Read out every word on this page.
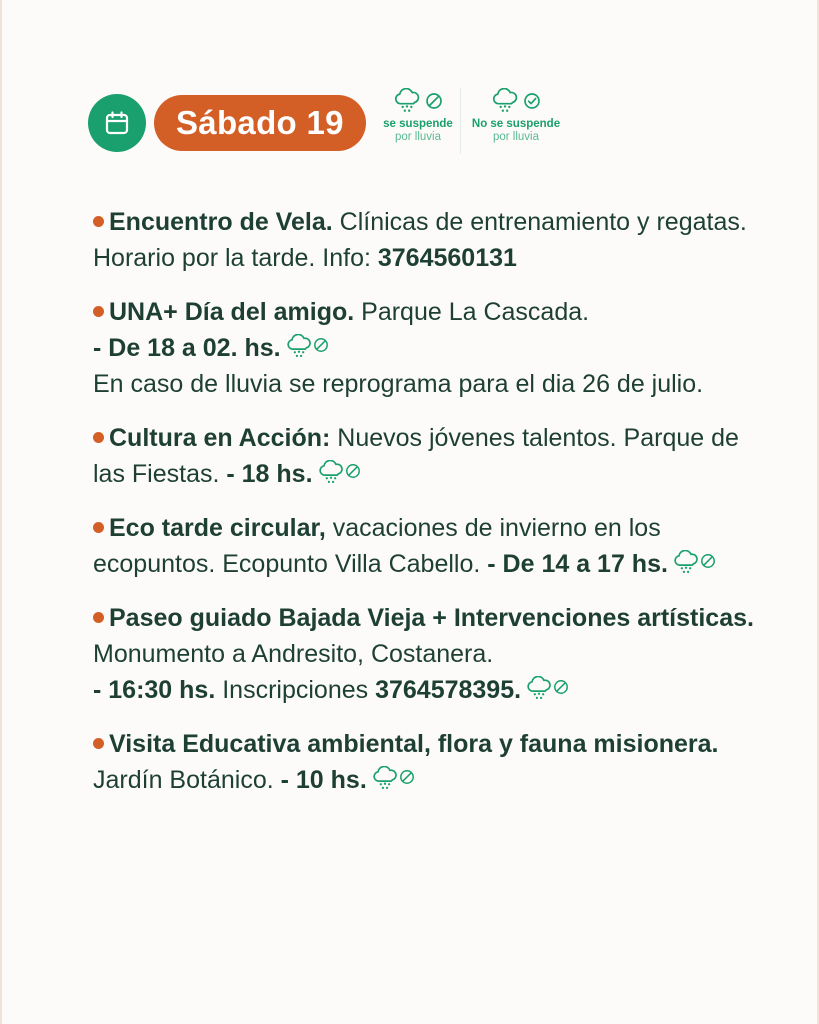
Sábado 19	se suspende
por lluvia
No se suspende
por lluvia
Encuentro de Vela. Clínicas de entrenamiento y regatas. Horario por la tarde. Info: 3764560131
UNA+ Día del amigo. Parque La Cascada.
- De 18 a 02. hs.

En caso de lluvia se reprograma para el dia 26 de julio.
Cultura en Acción: Nuevos jóvenes talentos. Parque de las Fiestas. - 18 hs.
Eco tarde circular, vacaciones de invierno en los ecopuntos. Ecopunto Villa Cabello. - De 14 a 17 hs.
Paseo guiado Bajada Vieja + Intervenciones artísticas. Monumento a Andresito, Costanera.
- 16:30 hs. Inscripciones 3764578395.
Visita Educativa ambiental, flora y fauna misionera.
Jardín Botánico. - 10 hs.
